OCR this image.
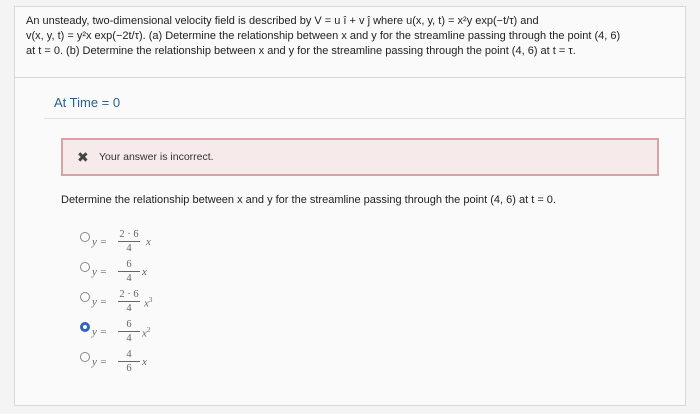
An unsteady, two-dimensional velocity field is described by V = u î + v ĵ where u(x, y, t) = x²y exp(−t/τ) and
v(x, y, t) = y²x exp(−2t/τ). (a) Determine the relationship between x and y for the streamline passing through the point (4, 6)
at t = 0. (b) Determine the relationship between x and y for the streamline passing through the point (4, 6) at t = τ.
At Time = 0
✖ Your answer is incorrect.
Determine the relationship between x and y for the streamline passing through the point (4, 6) at t = 0.
y =
2 · 6
4
x
y =
6
4
x
y =
2 · 6
4	$x^3$
y =
6
4 $x^2$
y =
4
6
x
